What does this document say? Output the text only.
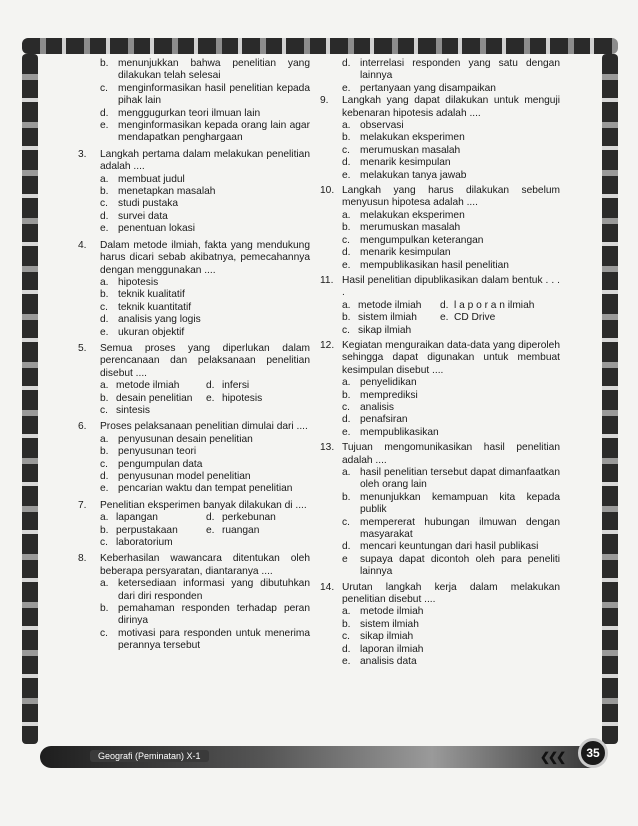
b. menunjukkan bahwa penelitian yang dilakukan telah selesai
c. menginformasikan hasil penelitian kepada pihak lain
d. menggugurkan teori ilmuan lain
e. menginformasikan kepada orang lain agar mendapatkan penghargaan
3.	Langkah pertama dalam melakukan penelitian adalah ....
a. membuat judul
b. menetapkan masalah
c. studi pustaka
d. survei data
e. penentuan lokasi
4.	Dalam metode ilmiah, fakta yang mendukung harus dicari sebab akibatnya, pemecahannya dengan menggunakan ....
a. hipotesis
b. teknik kualitatif
c. teknik kuantitatif
d. analisis yang logis
e. ukuran objektif
5.	Semua proses yang diperlukan dalam perencanaan dan pelaksanaan penelitian disebut ....
a. metode ilmiah	d. infersi
b. desain penelitian e. hipotesis
c. sintesis
6.	Proses pelaksanaan penelitian dimulai dari ....
a. penyusunan desain penelitian
b. penyusunan teori
c. pengumpulan data
d. penyusunan model penelitian
e. pencarian waktu dan tempat penelitian
7.	Penelitian eksperimen banyak dilakukan di ....
a. lapangan	d. perkebunan
b. perpustakaan	e. ruangan
c. laboratorium
8.	Keberhasilan wawancara ditentukan oleh beberapa persyaratan, diantaranya ....
a. ketersediaan informasi yang dibutuhkan dari diri responden
b. pemahaman responden terhadap peran dirinya
c. motivasi para responden untuk menerima perannya tersebut
d. interrelasi responden yang satu dengan lainnya
e. pertanyaan yang disampaikan
9.	Langkah yang dapat dilakukan untuk menguji kebenaran hipotesis adalah ....
a. observasi
b. melakukan eksperimen
c. merumuskan masalah
d. menarik kesimpulan
e. melakukan tanya jawab
10. Langkah yang harus dilakukan sebelum menyusun hipotesa adalah ....
a. melakukan eksperimen
b. merumuskan masalah
c. mengumpulkan keterangan
d. menarik kesimpulan
e. mempublikasikan hasil penelitian
11. Hasil penelitian dipublikasikan dalam bentuk . . . .
a. metode ilmiah d. l a p o r a n ilmiah
b. sistem ilmiah e. CD Drive
c. sikap ilmiah
12. Kegiatan menguraikan data-data yang diperoleh sehingga dapat digunakan untuk membuat kesimpulan disebut ....
a. penyelidikan
b. memprediksi
c. analisis
d. penafsiran
e. mempublikasikan
13. Tujuan mengomunikasikan hasil penelitian adalah ....
a. hasil penelitian tersebut dapat dimanfaatkan oleh orang lain
b. menunjukkan kemampuan kita kepada publik
c. mempererat hubungan ilmuwan dengan masyarakat
d. mencari keuntungan dari hasil publikasi
e supaya dapat dicontoh oleh para peneliti lainnya
14. Urutan langkah kerja dalam melakukan penelitian disebut ....
a. metode ilmiah
b. sistem ilmiah
c. sikap ilmiah
d. laporan ilmiah
e. analisis data
❮❮❮
Geografi (Peminatan) X-1	35
